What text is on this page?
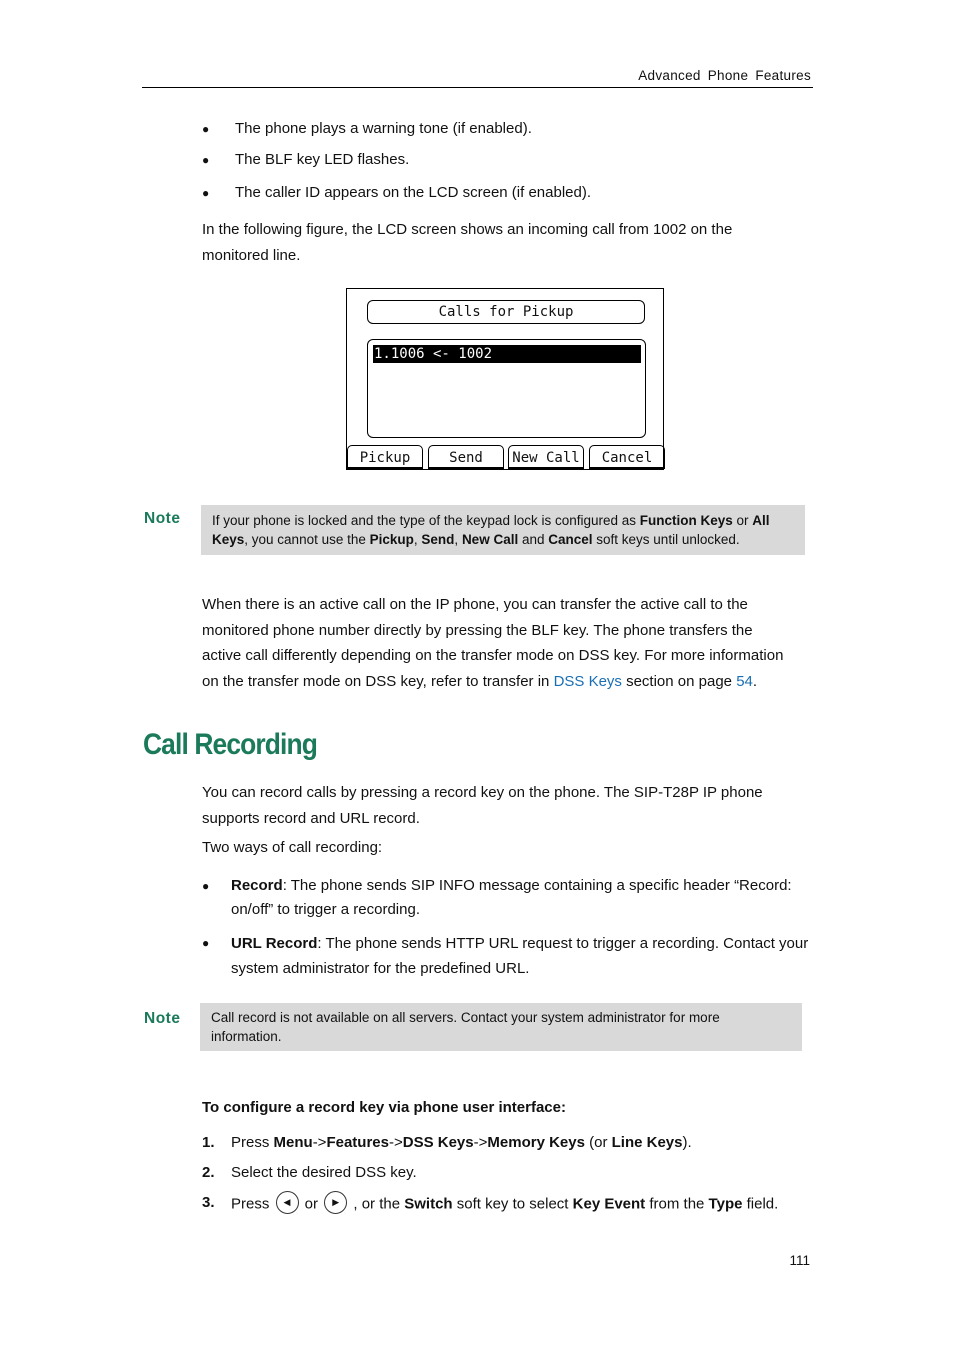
Advanced Phone Features
● The phone plays a warning tone (if enabled).
● The BLF key LED flashes.
● The caller ID appears on the LCD screen (if enabled).
In the following figure, the LCD screen shows an incoming call from 1002 on the
monitored line.
Calls for Pickup
1.1006 <- 1002
Pickup	Send	New Call	Cancel
Note	If your phone is locked and the type of the keypad lock is configured as Function Keys or All Keys, you cannot use the Pickup, Send, New Call and Cancel soft keys until unlocked.
When there is an active call on the IP phone, you can transfer the active call to the
monitored phone number directly by pressing the BLF key. The phone transfers the
active call differently depending on the transfer mode on DSS key. For more information
on the transfer mode on DSS key, refer to transfer in DSS Keys section on page 54.
Call Recording
You can record calls by pressing a record key on the phone. The SIP-T28P IP phone
supports record and URL record.
Two ways of call recording:
● Record: The phone sends SIP INFO message containing a specific header “Record:
on/off” to trigger a recording.
● URL Record: The phone sends HTTP URL request to trigger a recording. Contact your
system administrator for the predefined URL.
Note Call record is not available on all servers. Contact your system administrator for more
information.
To configure a record key via phone user interface:
1. Press Menu->Features->DSS Keys->Memory Keys (or Line Keys).
2. Select the desired DSS key.
3. Press	◀ or	▶ , or the Switch soft key to select Key Event from the Type field.
111
